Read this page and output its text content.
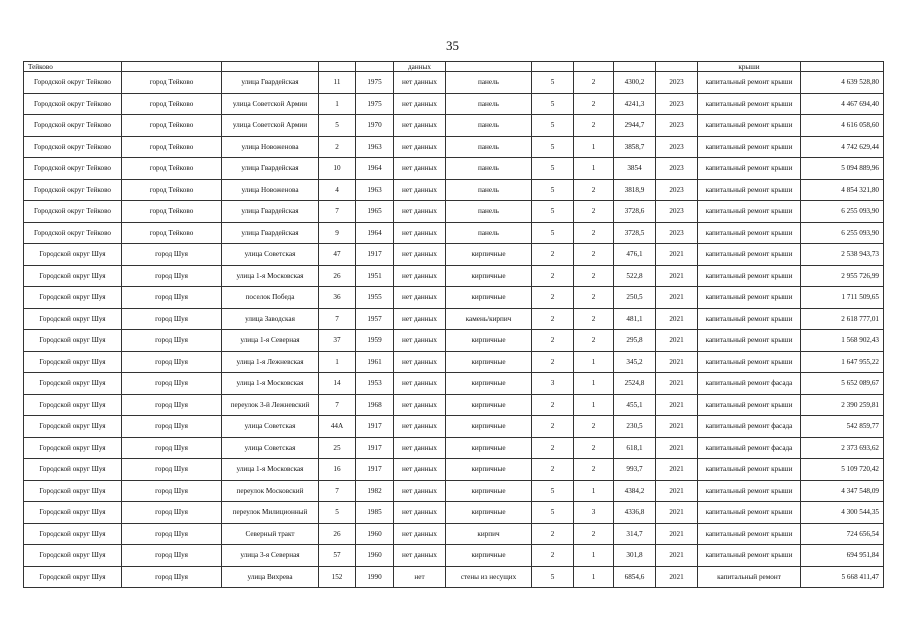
35
Тейково					данных						крыши	
Городской округ Тейково	город Тейково	улица Гвардейская	11	1975	нет данных	панель	5	2	4300,2	2023	капитальный ремонт крыши	4 639 528,80
Городской округ Тейково	город Тейково	улица Советской Армии	1	1975	нет данных	панель	5	2	4241,3	2023	капитальный ремонт крыши	4 467 694,40
Городской округ Тейково	город Тейково	улица Советской Армии	5	1970	нет данных	панель	5	2	2944,7	2023	капитальный ремонт крыши	4 616 058,60
Городской округ Тейково	город Тейково	улица Новоженова	2	1963	нет данных	панель	5	1	3858,7	2023	капитальный ремонт крыши	4 742 629,44
Городской округ Тейково	город Тейково	улица Гвардейская	10	1964	нет данных	панель	5	1	3854	2023	капитальный ремонт крыши	5 094 889,96
Городской округ Тейково	город Тейково	улица Новоженова	4	1963	нет данных	панель	5	2	3818,9	2023	капитальный ремонт крыши	4 854 321,80
Городской округ Тейково	город Тейково	улица Гвардейская	7	1965	нет данных	панель	5	2	3728,6	2023	капитальный ремонт крыши	6 255 093,90
Городской округ Тейково	город Тейково	улица Гвардейская	9	1964	нет данных	панель	5	2	3728,5	2023	капитальный ремонт крыши	6 255 093,90
Городской округ Шуя	город Шуя	улица Советская	47	1917	нет данных	кирпичные	2	2	476,1	2021	капитальный ремонт крыши	2 538 943,73
Городской округ Шуя	город Шуя	улица 1-я Московская	26	1951	нет данных	кирпичные	2	2	522,8	2021	капитальный ремонт крыши	2 955 726,99
Городской округ Шуя	город Шуя	поселок Победа	36	1955	нет данных	кирпичные	2	2	250,5	2021	капитальный ремонт крыши	1 711 509,65
Городской округ Шуя	город Шуя	улица Заводская	7	1957	нет данных	камень/кирпич	2	2	481,1	2021	капитальный ремонт крыши	2 618 777,01
Городской округ Шуя	город Шуя	улица 1-я Северная	37	1959	нет данных	кирпичные	2	2	295,8	2021	капитальный ремонт крыши	1 568 902,43
Городской округ Шуя	город Шуя	улица 1-я Лежневская	1	1961	нет данных	кирпичные	2	1	345,2	2021	капитальный ремонт крыши	1 647 955,22
Городской округ Шуя	город Шуя	улица 1-я Московская	14	1953	нет данных	кирпичные	3	1	2524,8	2021	капитальный ремонт фасада	5 652 089,67
Городской округ Шуя	город Шуя	переулок 3-й Лежневский	7	1968	нет данных	кирпичные	2	1	455,1	2021	капитальный ремонт крыши	2 390 259,81
Городской округ Шуя	город Шуя	улица Советская	44А	1917	нет данных	кирпичные	2	2	230,5	2021	капитальный ремонт фасада	542 859,77
Городской округ Шуя	город Шуя	улица Советская	25	1917	нет данных	кирпичные	2	2	618,1	2021	капитальный ремонт фасада	2 373 693,62
Городской округ Шуя	город Шуя	улица 1-я Московская	16	1917	нет данных	кирпичные	2	2	993,7	2021	капитальный ремонт крыши	5 109 720,42
Городской округ Шуя	город Шуя	переулок Московский	7	1982	нет данных	кирпичные	5	1	4384,2	2021	капитальный ремонт крыши	4 347 548,09
Городской округ Шуя	город Шуя	переулок Милиционный	5	1985	нет данных	кирпичные	5	3	4336,8	2021	капитальный ремонт крыши	4 300 544,35
Городской округ Шуя	город Шуя	Северный тракт	26	1960	нет данных	кирпич	2	2	314,7	2021	капитальный ремонт крыши	724 656,54
Городской округ Шуя	город Шуя	улица 3-я Северная	57	1960	нет данных	кирпичные	2	1	301,8	2021	капитальный ремонт крыши	694 951,84
Городской округ Шуя	город Шуя	улица Вихрева	152	1990	нет	стены из несущих	5	1	6854,6	2021	капитальный ремонт	5 668 411,47
